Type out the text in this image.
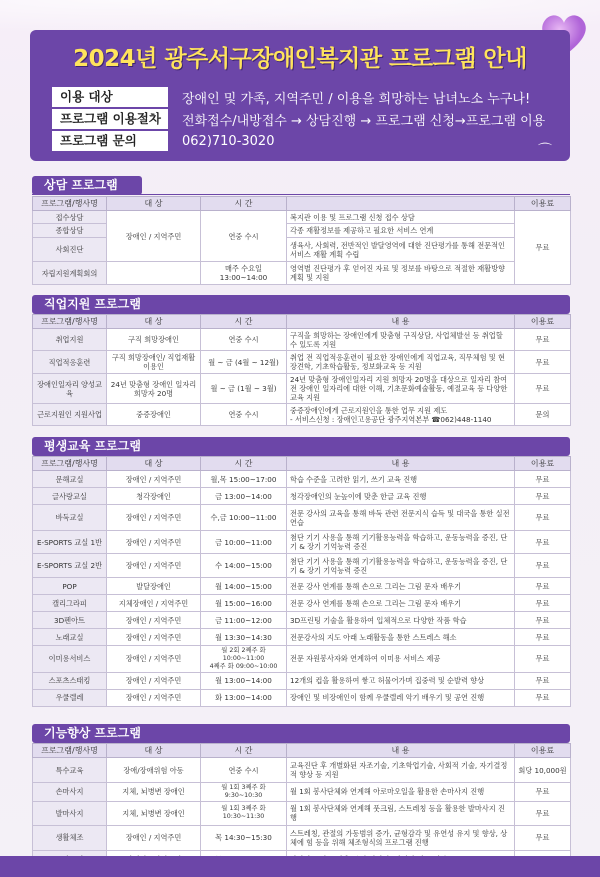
2024년 광주서구장애인복지관 프로그램 안내
이용 대상	장애인 및 가족, 지역주민 / 이용을 희망하는 남녀노소 누구나!
프로그램 이용절차	전화접수/내방접수 → 상담진행 → 프로그램 신청→프로그램 이용
프로그램 문의	062)710-3020
⌒
상담 프로그램
프로그램/행사명	대 상	시 간		이용료
접수상담	장애인 / 지역주민	연중 수시	복지관 이용 및 프로그램 신청 접수 상담	무료
종합상담			각종 재활정보를 제공하고 필요한 서비스 연계	
사회진단			생육사, 사회력, 전반적인 발달영역에 대한 진단평가를 통해 전문적인 서비스 재활 계획 수립	
자립지원계획회의		매주 수요일 13:00~14:00	영역별 진단평가 후 얻어진 자료 및 정보를 바탕으로 적절한 재활방향 계획 및 지원	
직업지원 프로그램
프로그램/행사명	대 상	시 간	내 용	이용료
취업지원	구직 희망장애인	연중 수시	구직을 희망하는 장애인에게 맞춤형 구직상담, 사업체발선 등 취업할 수 있도록 지원	무료
직업적응훈련	구직 희망장애인/ 직업재활 이용인	월 ~ 금 (4월 ~ 12월)	취업 전 직업적응훈련이 필요한 장애인에게 직업교육, 직무체험 및 현장견학, 기초학습활동, 정보화교육 등 지원	무료
장애인일자리 양성교육	24년 맞춤형 장애인 일자리 희망자 20명	월 ~ 금 (1월 ~ 3월)	24년 맞춤형 장애인일자리 지원 희망자 20명을 대상으로 일자리 참여 전 장애인 일자리에 대한 이해, 기초문화예술활동, 예절교육 등 다양한 교육 지원	무료
근로지원인 지원사업	중증장애인	연중 수시	중증장애인에게 근로지원인을 통한 업무 지원 제도
- 서비스신청 : 장애인고용공단 광주지역본부 ☎062)448-1140	문의
평생교육 프로그램
프로그램/행사명	대 상	시 간	내 용	이용료
문해교실	장애인 / 지역주민	월,목 15:00~17:00	학습 수준을 고려한 읽기, 쓰기 교육 진행	무료
글사랑교실	청각장애인	금 13:00~14:00	청각장애인의 눈높이에 맞춘 한글 교육 진행	무료
바둑교실	장애인 / 지역주민	수,금 10:00~11:00	전문 강사의 교육을 통해 바둑 관련 전문지식 습득 및 대국을 통한 실전 연습	무료
E-SPORTS 교실 1반	장애인 / 지역주민	금 10:00~11:00	첨단 기기 사용을 통해 기기활용능력을 학습하고, 운동능력을 증진, 단기 & 장기 기억능력 증진	무료
E-SPORTS 교실 2반	장애인 / 지역주민	수 14:00~15:00	첨단 기기 사용을 통해 기기활용능력을 학습하고, 운동능력을 증진, 단기 & 장기 기억능력 증진	무료
POP	발달장애인	월 14:00~15:00	전문 강사 연계를 통해 손으로 그리는 그림 문자 배우기	무료
캘리그라피	지체장애인 / 지역주민	월 15:00~16:00	전문 강사 연계를 통해 손으로 그리는 그림 문자 배우기	무료
3D펜아트	장애인 / 지역주민	금 11:00~12:00	3D프린팅 기술을 활용하여 입체적으로 다양한 작품 학습	무료
노래교실	장애인 / 지역주민	월 13:30~14:30	전문강사의 지도 아래 노래활동을 통한 스트레스 해소	무료
이미용서비스	장애인 / 지역주민	월 2회 2째주 화 10:00~11:00
4째주 화 09:00~10:00	전문 자원봉사자와 연계하여 이미용 서비스 제공	무료
스포츠스태킹	장애인 / 지역주민	월 13:00~14:00	12개의 컵을 활용하여 쌓고 허물어가며 집중력 및 순발력 향상	무료
우쿨렐레	장애인 / 지역주민	화 13:00~14:00	장애인 및 비장애인이 함께 우쿨렐레 악기 배우기 및 공연 진행	무료
기능향상 프로그램
프로그램/행사명	대 상	시 간	내 용	이용료
특수교육	장애/장애위험 아동	연중 수시	교육진단 후 개별화된 자조기술, 기초학업기술, 사회적 기술, 자기결정적 향상 등 지원	회당 10,000원
손마사지	지체, 뇌병변 장애인	월 1회 3째주 화 9:30~10:30	월 1회 봉사단체와 연계해 아로마오일을 활용한 손마사지 진행	무료
발마사지	지체, 뇌병변 장애인	월 1회 3째주 화 10:30~11:30	월 1회 봉사단체와 연계해 풋크림, 스트레칭 등을 활용한 발마사지 진행	무료
생활체조	장애인 / 지역주민	목 14:30~15:30	스트레칭, 관절의 가동범위 증가, 균형감각 및 유연성 유지 및 향상, 상체에 힘 등을 위해 체조형식의 프로그램 진행	무료
